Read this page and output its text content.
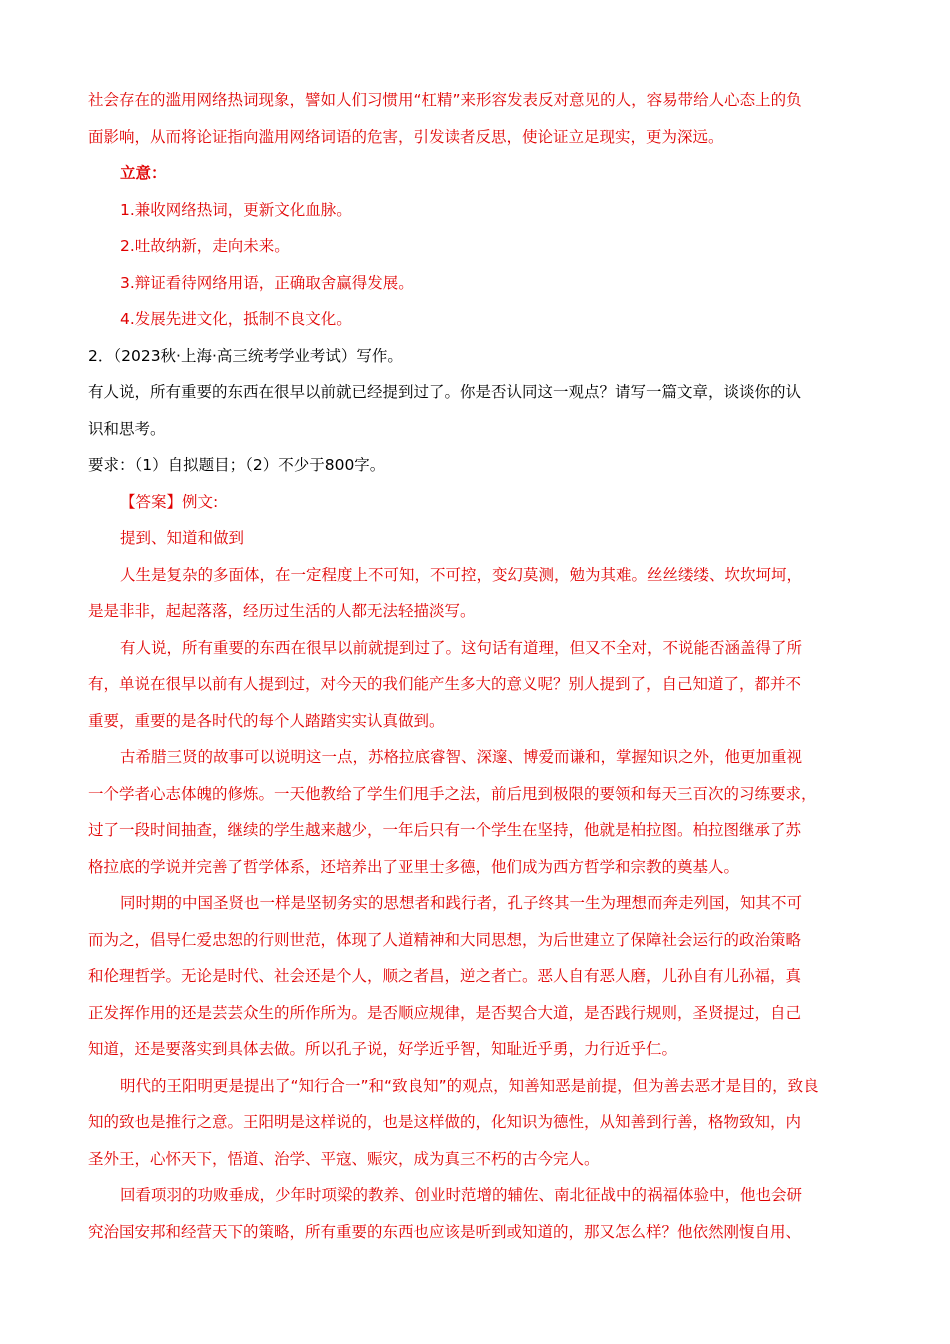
社会存在的滥用网络热词现象，譬如人们习惯用“杠精”来形容发表反对意见的人，容易带给人心态上的负

面影响，从而将论证指向滥用网络词语的危害，引发读者反思，使论证立足现实，更为深远。

立意：

1.兼收网络热词，更新文化血脉。

2.吐故纳新，走向未来。

3.辩证看待网络用语，正确取舍赢得发展。

4.发展先进文化，抵制不良文化。

2．（2023秋·上海·高三统考学业考试）写作。

有人说，所有重要的东西在很早以前就已经提到过了。你是否认同这一观点？请写一篇文章，谈谈你的认

识和思考。

要求：（1）自拟题目；（2）不少于800字。

【答案】例文:

提到、知道和做到

人生是复杂的多面体，在一定程度上不可知，不可控，变幻莫测，勉为其难。丝丝缕缕、坎坎坷坷，

是是非非，起起落落，经历过生活的人都无法轻描淡写。

有人说，所有重要的东西在很早以前就提到过了。这句话有道理，但又不全对，不说能否涵盖得了所

有，单说在很早以前有人提到过，对今天的我们能产生多大的意义呢？别人提到了，自己知道了，都并不

重要，重要的是各时代的每个人踏踏实实认真做到。

古希腊三贤的故事可以说明这一点，苏格拉底睿智、深邃、博爱而谦和，掌握知识之外，他更加重视

一个学者心志体魄的修炼。一天他教给了学生们甩手之法，前后甩到极限的要领和每天三百次的习练要求，

过了一段时间抽查，继续的学生越来越少，一年后只有一个学生在坚持，他就是柏拉图。柏拉图继承了苏

格拉底的学说并完善了哲学体系，还培养出了亚里士多德，他们成为西方哲学和宗教的奠基人。

同时期的中国圣贤也一样是坚韧务实的思想者和践行者，孔子终其一生为理想而奔走列国，知其不可

而为之，倡导仁爱忠恕的行则世范，体现了人道精神和大同思想，为后世建立了保障社会运行的政治策略

和伦理哲学。无论是时代、社会还是个人，顺之者昌，逆之者亡。恶人自有恶人磨，儿孙自有儿孙福，真

正发挥作用的还是芸芸众生的所作所为。是否顺应规律，是否契合大道，是否践行规则，圣贤提过，自己

知道，还是要落实到具体去做。所以孔子说，好学近乎智，知耻近乎勇，力行近乎仁。

明代的王阳明更是提出了“知行合一”和“致良知”的观点，知善知恶是前提，但为善去恶才是目的，致良

知的致也是推行之意。王阳明是这样说的，也是这样做的，化知识为德性，从知善到行善，格物致知，内

圣外王，心怀天下，悟道、治学、平寇、赈灾，成为真三不朽的古今完人。

回看项羽的功败垂成，少年时项梁的教养、创业时范增的辅佐、南北征战中的祸福体验中，他也会研

究治国安邦和经营天下的策略，所有重要的东西也应该是听到或知道的，那又怎么样？他依然刚愎自用、
